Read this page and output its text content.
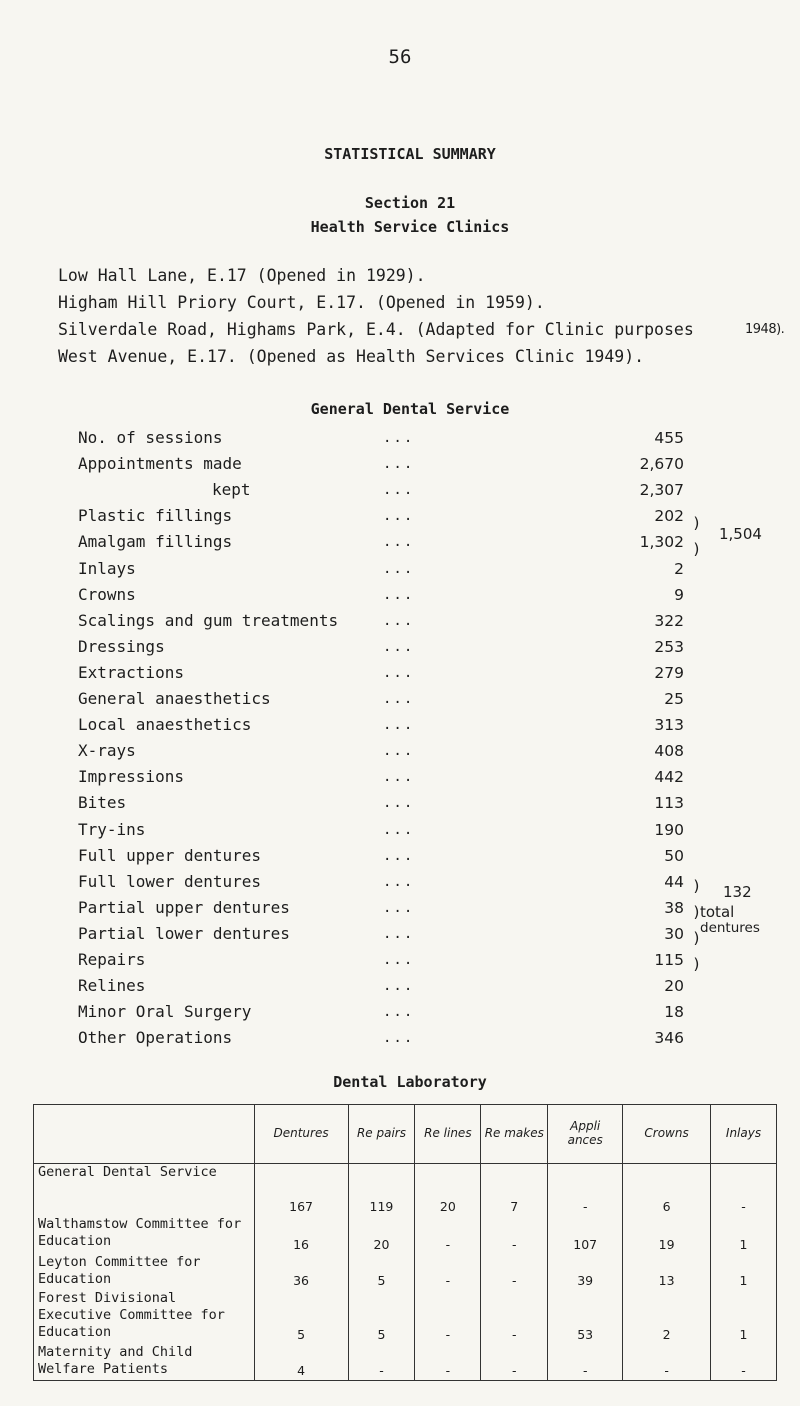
56
STATISTICAL SUMMARY
Section 21
Health Service Clinics
Low Hall Lane, E.17 (Opened in 1929).
Higham Hill Priory Court, E.17. (Opened in 1959).
Silverdale Road, Highams Park, E.4. (Adapted for Clinic purposes	1948).
West Avenue, E.17. (Opened as Health Services Clinic 1949).
General Dental Service
No. of sessions	...	455
Appointments made	...	2,670
kept	...	2,307
Plastic fillings	...	202
Amalgam fillings	...	1,302
Inlays	...	2
Crowns	...	9
Scalings and gum treatments	...	322
Dressings	...	253
Extractions	...	279
General anaesthetics	...	25
Local anaesthetics	...	313
X-rays	...	408
Impressions	...	442
Bites	...	113
Try-ins	...	190
Full upper dentures	...	50
Full lower dentures	...	44
Partial upper dentures	...	38
Partial lower dentures	...	30
Repairs	...	115
Relines	...	20
Minor Oral Surgery	...	18
Other Operations	...	346
)
)
1,504
)
)
)
)
132
total
dentures
Dental Laboratory
	Dentures	Re pairs	Re lines	Re makes	Appli ances	Crowns	Inlays
General Dental Service	167	119	20	7	-	6	-
Walthamstow Committee for Education	16	20	-	-	107	19	1
Leyton Committee for Education	36	5	-	-	39	13	1
Forest Divisional Executive Committee for Education	5	5	-	-	53	2	1
Maternity and Child Welfare Patients	4	-	-	-	-	-	-
